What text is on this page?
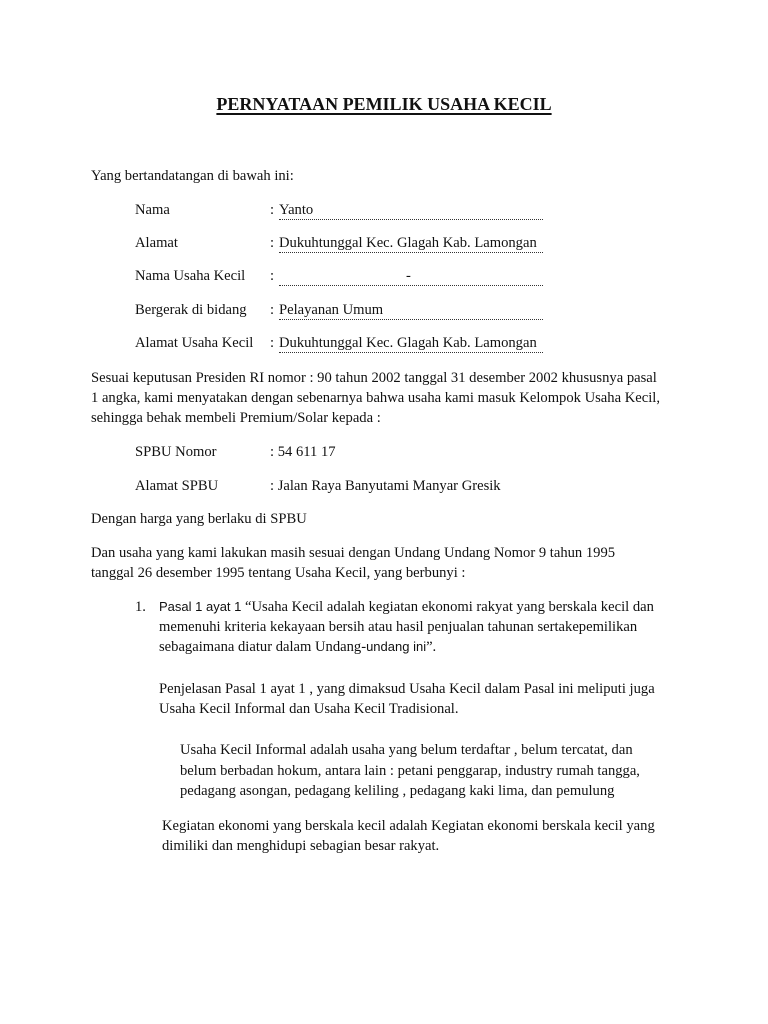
PERNYATAAN PEMILIK USAHA KECIL
Yang bertandatangan di bawah ini:
Nama	: Yanto
Alamat	: Dukuhtunggal Kec. Glagah Kab. Lamongan
Nama Usaha Kecil :	-
Bergerak di bidang : Pelayanan Umum
Alamat Usaha Kecil : Dukuhtunggal Kec. Glagah Kab. Lamongan
Sesuai keputusan Presiden RI nomor : 90 tahun 2002 tanggal 31 desember 2002 khususnya pasal
1 angka, kami menyatakan dengan sebenarnya bahwa usaha kami masuk Kelompok Usaha Kecil,
sehingga behak membeli Premium/Solar kepada :
SPBU Nomor	: 54 611 17
Alamat SPBU	: Jalan Raya Banyutami Manyar Gresik
Dengan harga yang berlaku di SPBU
Dan usaha yang kami lakukan masih sesuai dengan Undang Undang Nomor 9 tahun 1995
tanggal 26 desember 1995 tentang Usaha Kecil, yang berbunyi :
1. Pasal 1 ayat 1 “Usaha Kecil adalah kegiatan ekonomi rakyat yang berskala kecil dan
memenuhi kriteria kekayaan bersih atau hasil penjualan tahunan sertakepemilikan
sebagaimana diatur dalam Undang-undang ini”.
Penjelasan Pasal 1 ayat 1 , yang dimaksud Usaha Kecil dalam Pasal ini meliputi juga
Usaha Kecil Informal dan Usaha Kecil Tradisional.
Usaha Kecil Informal adalah usaha yang belum terdaftar , belum tercatat, dan
belum berbadan hokum, antara lain : petani penggarap, industry rumah tangga,
pedagang asongan, pedagang keliling , pedagang kaki lima, dan pemulung
Kegiatan ekonomi yang berskala kecil adalah Kegiatan ekonomi berskala kecil yang
dimiliki dan menghidupi sebagian besar rakyat.
